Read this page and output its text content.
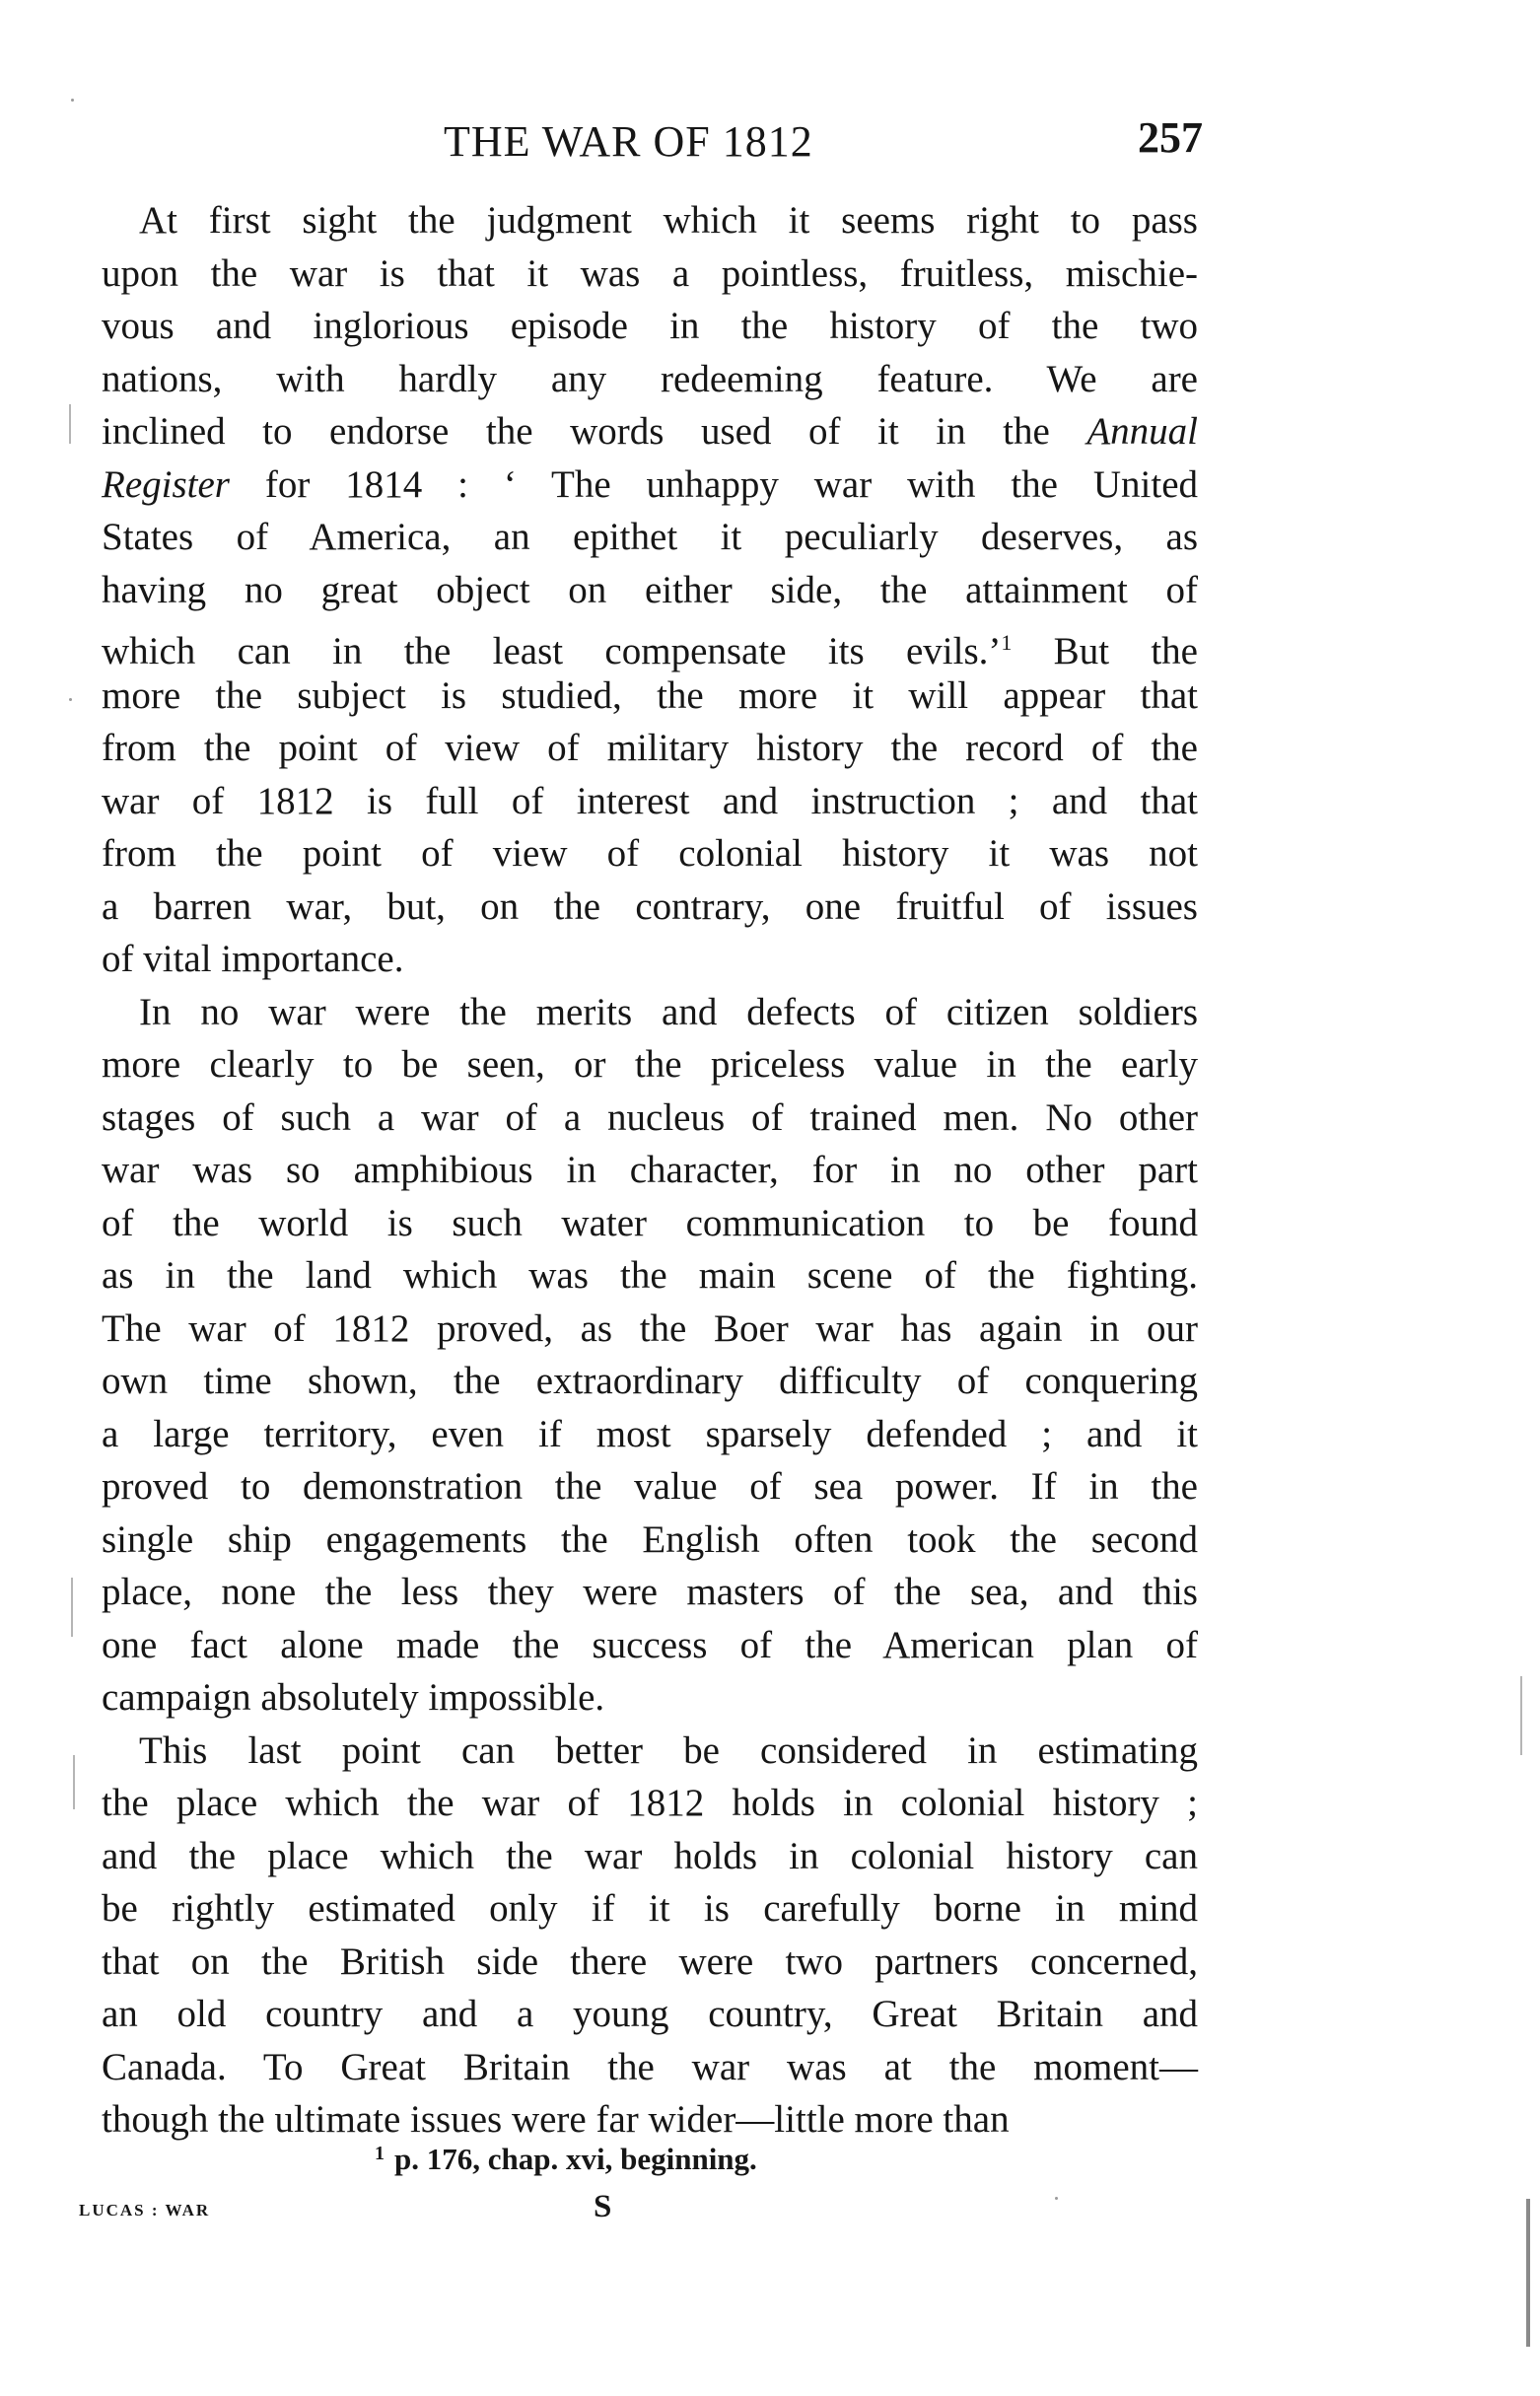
THE WAR OF 1812	257
At first sight the judgment which it seems right to pass
upon the war is that it was a pointless, fruitless, mischie-
vous and inglorious episode in the history of the two
nations, with hardly any redeeming feature. We are
inclined to endorse the words used of it in the Annual
Register for 1814 : ‘ The unhappy war with the United
States of America, an epithet it peculiarly deserves, as
having no great object on either side, the attainment of
which can in the least compensate its evils.’$^1$ But the
more the subject is studied, the more it will appear that
from the point of view of military history the record of the
war of 1812 is full of interest and instruction ; and that
from the point of view of colonial history it was not
a barren war, but, on the contrary, one fruitful of issues
of vital importance.
In no war were the merits and defects of citizen soldiers
more clearly to be seen, or the priceless value in the early
stages of such a war of a nucleus of trained men. No other
war was so amphibious in character, for in no other part
of the world is such water communication to be found
as in the land which was the main scene of the fighting.
The war of 1812 proved, as the Boer war has again in our
own time shown, the extraordinary difficulty of conquering
a large territory, even if most sparsely defended ; and it
proved to demonstration the value of sea power. If in the
single ship engagements the English often took the second
place, none the less they were masters of the sea, and this
one fact alone made the success of the American plan of
campaign absolutely impossible.
This last point can better be considered in estimating
the place which the war of 1812 holds in colonial history ;
and the place which the war holds in colonial history can
be rightly estimated only if it is carefully borne in mind
that on the British side there were two partners concerned,
an old country and a young country, Great Britain and
Canada. To Great Britain the war was at the moment—
though the ultimate issues were far wider—little more than
$^1$ p. 176, chap. xvi, beginning.
LUCAS : WAR	S
